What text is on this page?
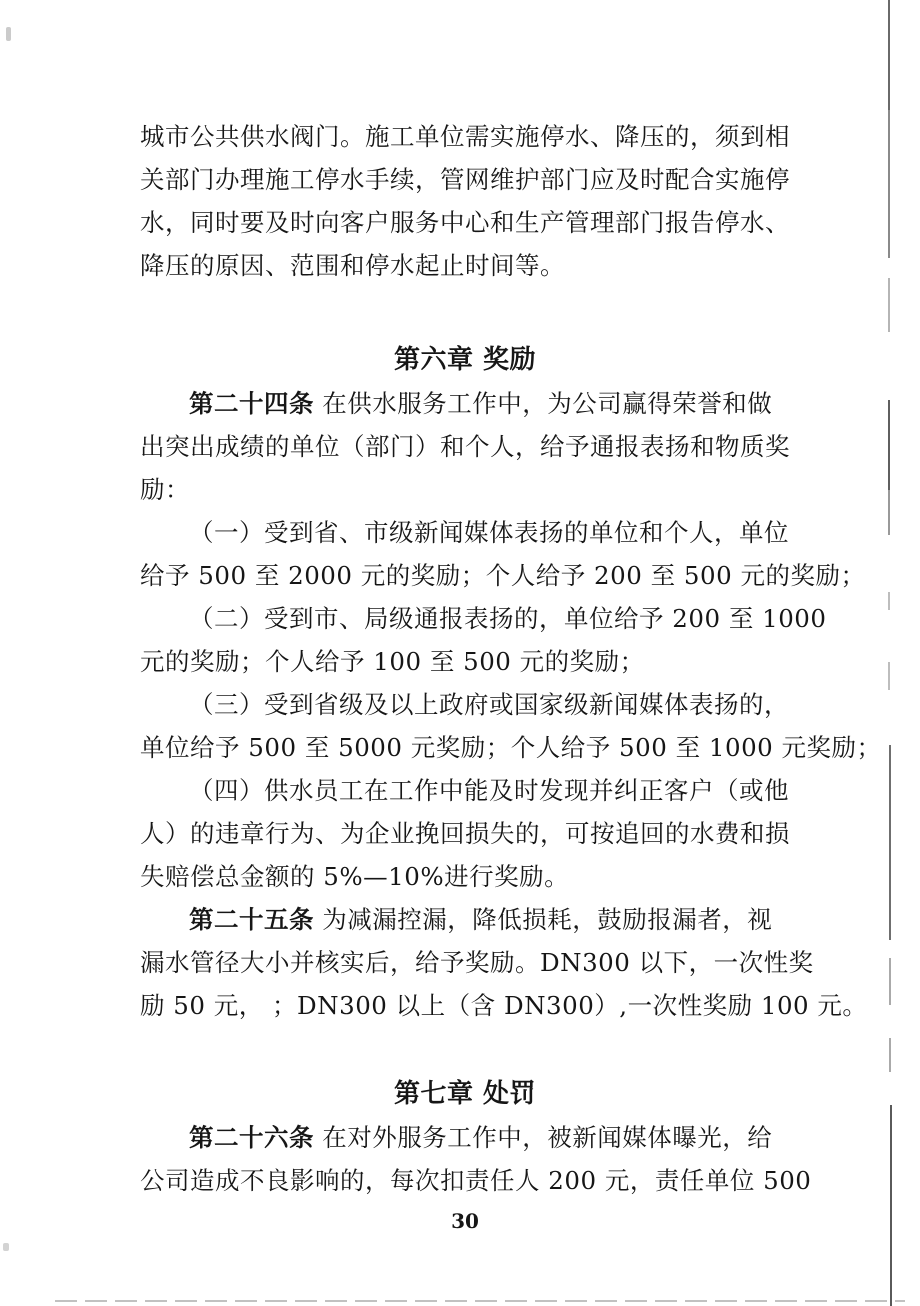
城市公共供水阀门。施工单位需实施停水、降压的，须到相
关部门办理施工停水手续，管网维护部门应及时配合实施停
水，同时要及时向客户服务中心和生产管理部门报告停水、
降压的原因、范围和停水起止时间等。
第六章 奖励
第二十四条 在供水服务工作中，为公司赢得荣誉和做
出突出成绩的单位（部门）和个人，给予通报表扬和物质奖
励：
（一）受到省、市级新闻媒体表扬的单位和个人，单位
给予 500 至 2000 元的奖励；个人给予 200 至 500 元的奖励；
（二）受到市、局级通报表扬的，单位给予 200 至 1000
元的奖励；个人给予 100 至 500 元的奖励；
（三）受到省级及以上政府或国家级新闻媒体表扬的，
单位给予 500 至 5000 元奖励；个人给予 500 至 1000 元奖励；
（四）供水员工在工作中能及时发现并纠正客户（或他
人）的违章行为、为企业挽回损失的，可按追回的水费和损
失赔偿总金额的 5%—10%进行奖励。
第二十五条 为减漏控漏，降低损耗，鼓励报漏者，视
漏水管径大小并核实后，给予奖励。DN300 以下，一次性奖
励 50 元， ；DN300 以上（含 DN300）,一次性奖励 100 元。
第七章 处罚
第二十六条 在对外服务工作中，被新闻媒体曝光，给
公司造成不良影响的，每次扣责任人 200 元，责任单位 500
30
